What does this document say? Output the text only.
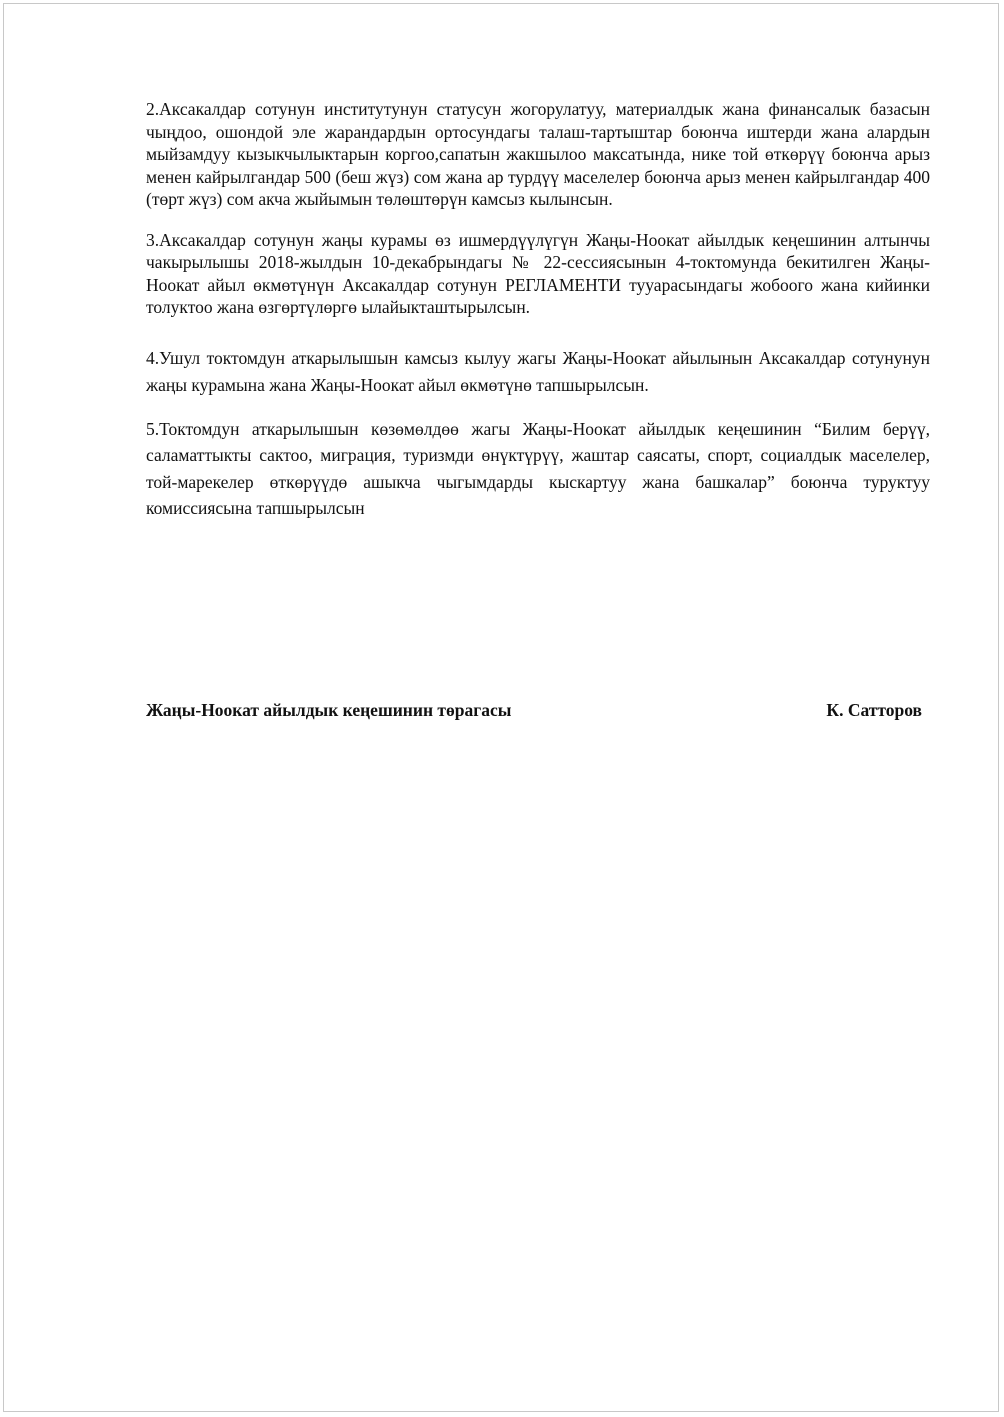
2.Аксакалдар сотунун институтунун статусун жогорулатуу, материалдык жана финансалык базасын чыңдоо, ошондой эле жарандардын ортосундагы талаш-тартыштар боюнча иштерди жана алардын мыйзамдуу кызыкчылыктарын коргоо,сапатын жакшылоо максатында, нике той өткөрүү боюнча арыз менен кайрылгандар 500 (беш жүз) сом жана ар турдүү маселелер боюнча арыз менен кайрылгандар 400 (төрт жүз) сом акча жыйымын төлөштөрүн камсыз кылынсын.

3.Аксакалдар сотунун жаңы курамы өз ишмердүүлүгүн Жаңы-Ноокат айылдык кеңешинин алтынчы чакырылышы 2018-жылдын 10-декабрындагы № 22-сессиясынын 4-токтомунда бекитилген Жаңы-Ноокат айыл өкмөтүнүн Аксакалдар сотунун РЕГЛАМЕНТИ тууарасындагы жобоого жана кийинки толуктоо жана өзгөртүлөргө ылайыкташтырылсын.

4.Ушул токтомдун аткарылышын камсыз кылуу жагы Жаңы-Ноокат айылынын Аксакалдар сотунунун жаңы курамына жана Жаңы-Ноокат айыл өкмөтүнө тапшырылсын.

5.Токтомдун аткарылышын көзөмөлдөө жагы Жаңы-Ноокат айылдык кеңешинин “Билим берүү, саламаттыкты сактоо, миграция, туризмди өнүктүрүү, жаштар саясаты, спорт, социалдык маселелер, той-марекелер өткөрүүдө ашыкча чыгымдарды кыскартуу жана башкалар” боюнча туруктуу комиссиясына тапшырылсын

Жаңы-Ноокат айылдык кеңешинин төрагасы	К. Сатторов
